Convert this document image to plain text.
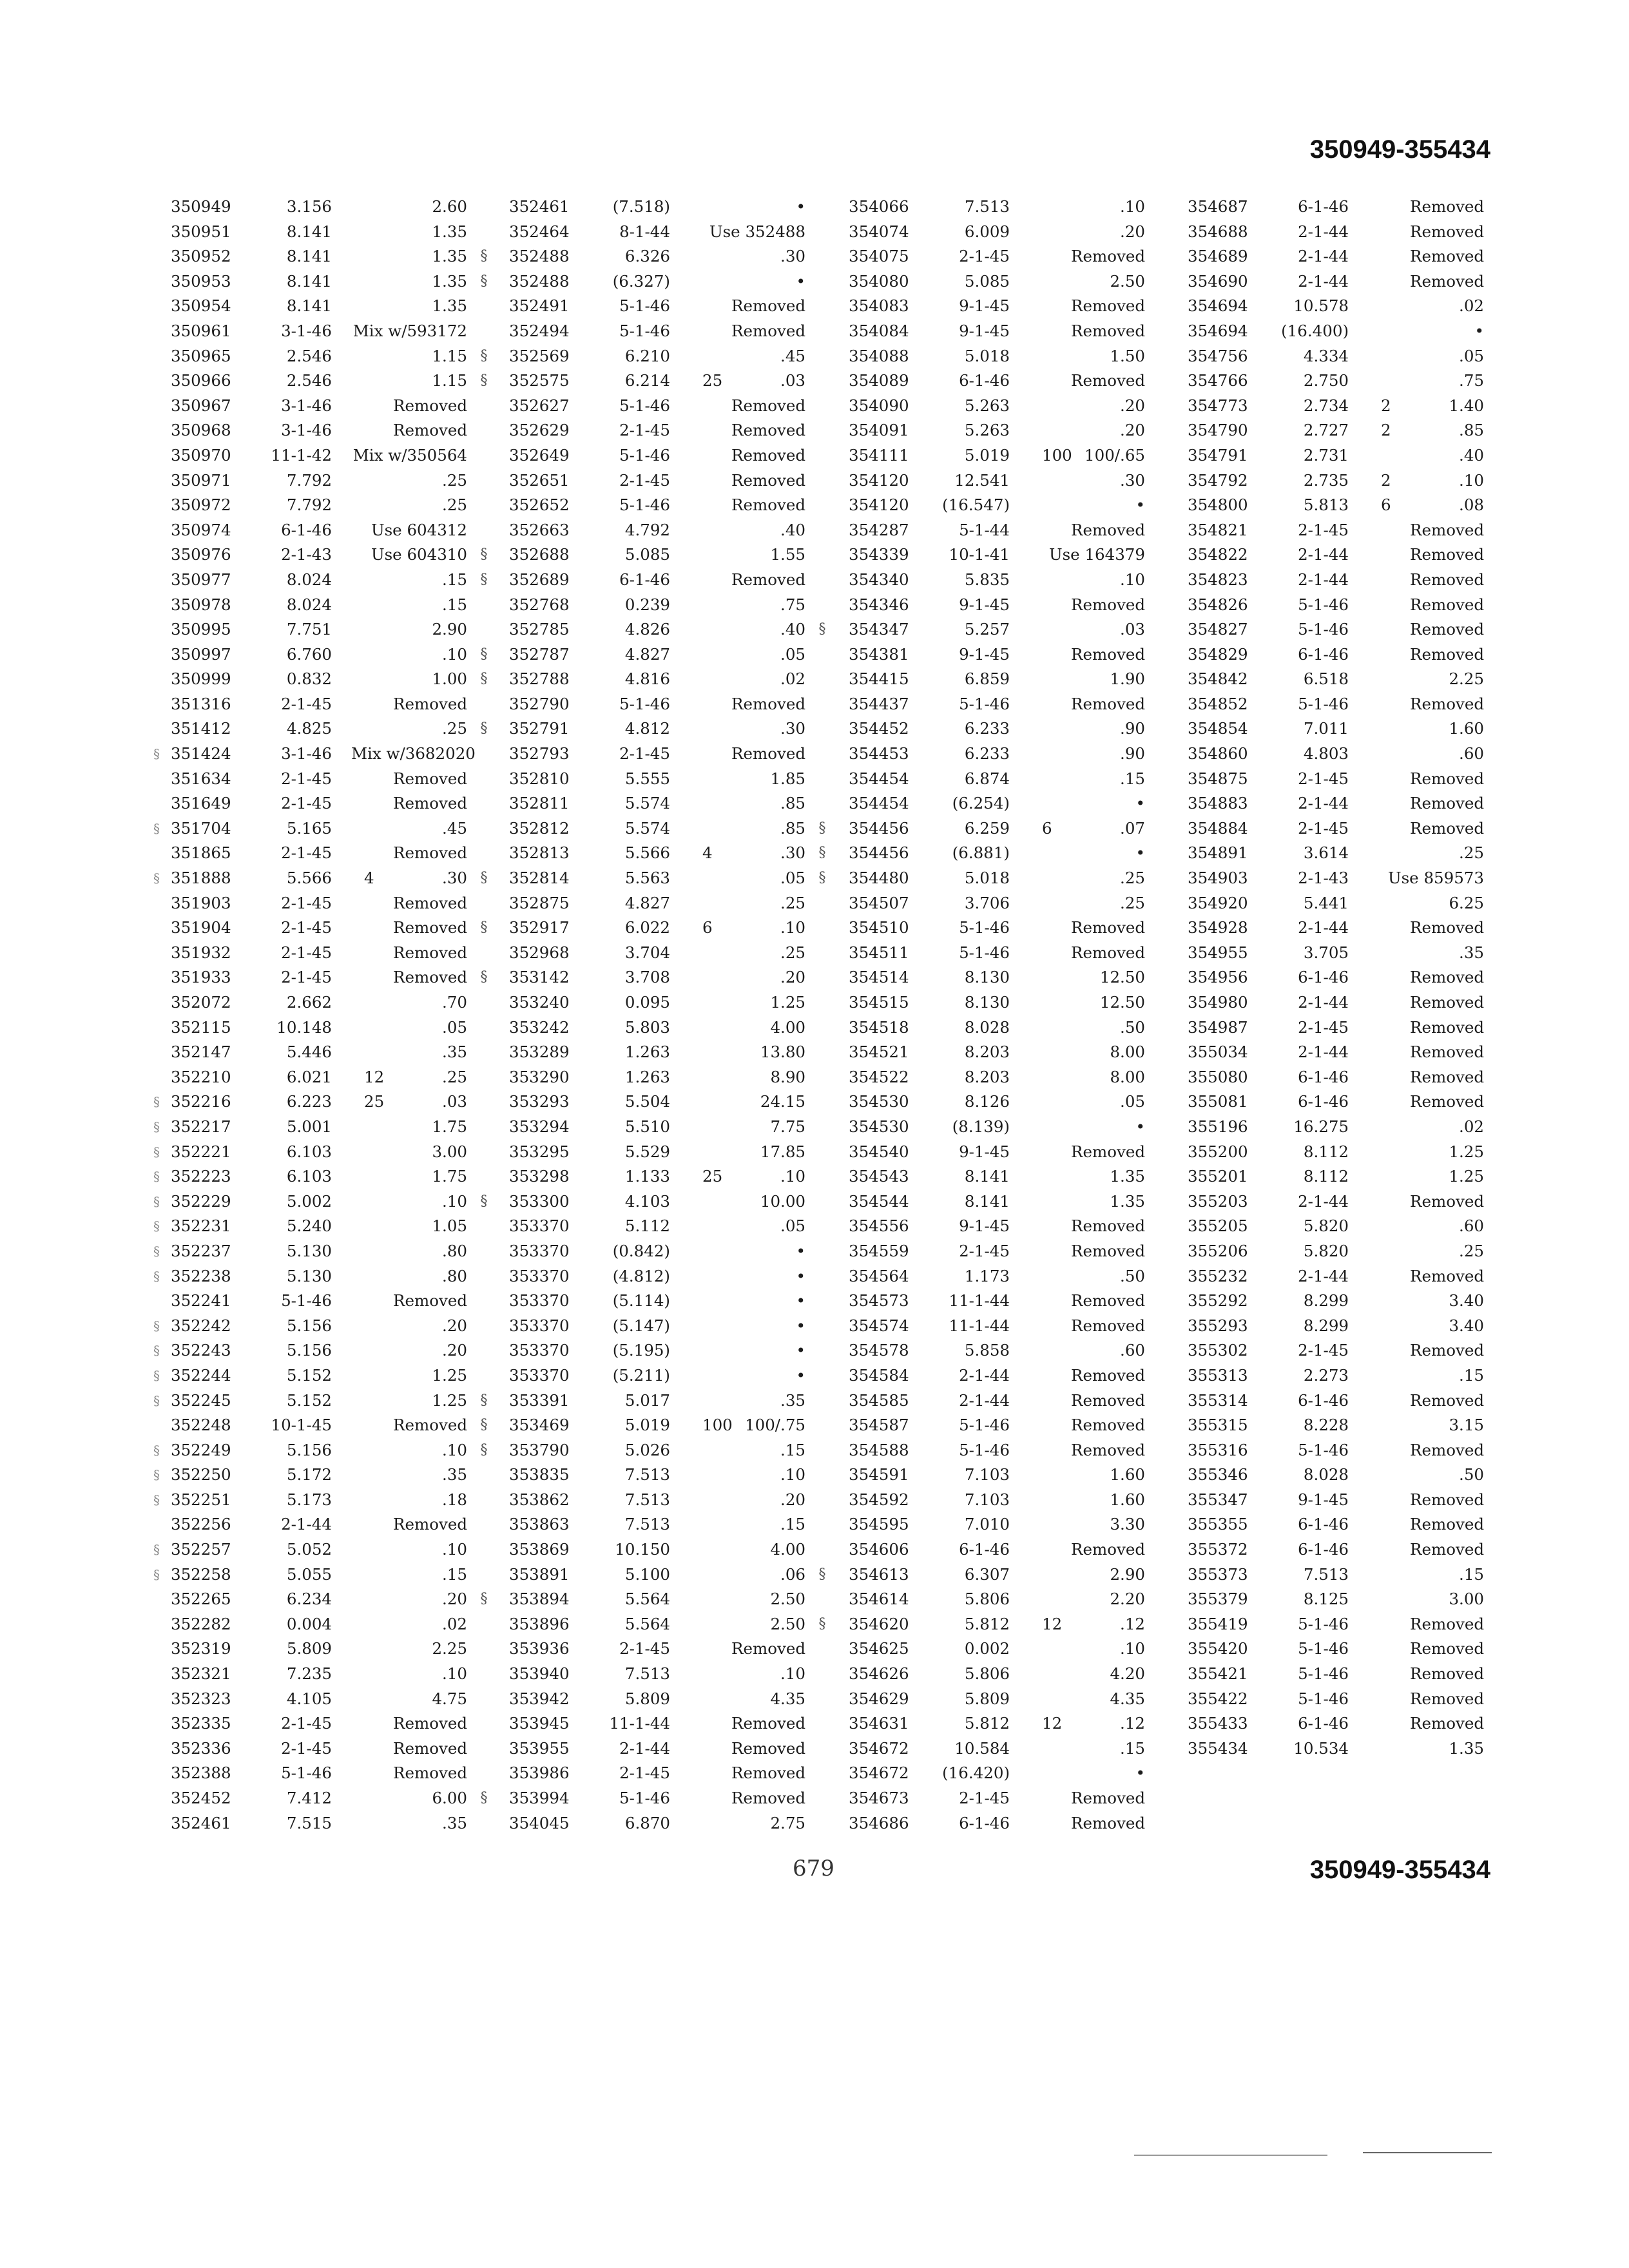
350949-355434
350949	3.156	2.60
350951	8.141	1.35
350952	8.141	1.35 §
350953	8.141	1.35 §
350954	8.141	1.35
350961	3-1-46 Mix w/593172
350965	2.546	1.15 §
350966	2.546	1.15 §
350967	3-1-46	Removed
350968	3-1-46	Removed
350970	11-1-42 Mix w/350564
350971	7.792	.25
350972	7.792	.25
350974	6-1-46	Use 604312
350976	2-1-43	Use 604310 §
350977	8.024	.15 §
350978	8.024	.15
350995	7.751	2.90
350997	6.760	.10 §
350999	0.832	1.00 §
351316	2-1-45	Removed
351412	4.825	.25 §
§ 351424	3-1-46 Mix w/3682020
351634	2-1-45	Removed
351649	2-1-45	Removed
§ 351704	5.165	.45
351865	2-1-45	Removed
§ 351888	5.566 4	.30 §
351903	2-1-45	Removed
351904	2-1-45	Removed §
351932	2-1-45	Removed
351933	2-1-45	Removed §
352072	2.662	.70
352115	10.148	.05
352147	5.446	.35
352210	6.021 12	.25
§ 352216	6.223 25	.03
§ 352217	5.001	1.75
§ 352221	6.103	3.00
§ 352223	6.103	1.75
§ 352229	5.002	.10 §
§ 352231	5.240	1.05
§ 352237	5.130	.80
§ 352238	5.130	.80
352241	5-1-46	Removed
§ 352242	5.156	.20
§ 352243	5.156	.20
§ 352244	5.152	1.25
§ 352245	5.152	1.25 §
352248	10-1-45	Removed §
§ 352249	5.156	.10 §
§ 352250	5.172	.35
§ 352251	5.173	.18
352256	2-1-44	Removed
§ 352257	5.052	.10
§ 352258	5.055	.15
352265	6.234	.20 §
352282	0.004	.02
352319	5.809	2.25
352321	7.235	.10
352323	4.105	4.75
352335	2-1-45	Removed
352336	2-1-45	Removed
352388	5-1-46	Removed
352452	7.412	6.00 §
352461	7.515	.35
352461	(7.518)	•
352464	8-1-44	Use 352488
352488	6.326	.30
352488	(6.327)	•
352491	5-1-46	Removed
352494	5-1-46	Removed
352569	6.210	.45
352575	6.214 25	.03
352627	5-1-46	Removed
352629	2-1-45	Removed
352649	5-1-46	Removed
352651	2-1-45	Removed
352652	5-1-46	Removed
352663	4.792	.40
352688	5.085	1.55
352689	6-1-46	Removed
352768	0.239	.75
352785	4.826	.40 §
352787	4.827	.05
352788	4.816	.02
352790	5-1-46	Removed
352791	4.812	.30
352793	2-1-45	Removed
352810	5.555	1.85
352811	5.574	.85
352812	5.574	.85 §
352813	5.566 4	.30 §
352814	5.563	.05 §
352875	4.827	.25
352917	6.022 6	.10
352968	3.704	.25
353142	3.708	.20
353240	0.095	1.25
353242	5.803	4.00
353289	1.263	13.80
353290	1.263	8.90
353293	5.504	24.15
353294	5.510	7.75
353295	5.529	17.85
353298	1.133 25	.10
353300	4.103	10.00
353370	5.112	.05
353370	(0.842)	•
353370	(4.812)	•
353370	(5.114)	•
353370	(5.147)	•
353370	(5.195)	•
353370	(5.211)	•
353391	5.017	.35
353469	5.019 100 100/.75
353790	5.026	.15
353835	7.513	.10
353862	7.513	.20
353863	7.513	.15
353869	10.150	4.00
353891	5.100	.06 §
353894	5.564	2.50
353896	5.564	2.50 §
353936	2-1-45	Removed
353940	7.513	.10
353942	5.809	4.35
353945	11-1-44	Removed
353955	2-1-44	Removed
353986	2-1-45	Removed
353994	5-1-46	Removed
354045	6.870	2.75
354066	7.513	.10
354074	6.009	.20
354075	2-1-45	Removed
354080	5.085	2.50
354083	9-1-45	Removed
354084	9-1-45	Removed
354088	5.018	1.50
354089	6-1-46	Removed
354090	5.263	.20
354091	5.263	.20
354111	5.019 100 100/.65
354120	12.541	.30
354120	(16.547)	•
354287	5-1-44	Removed
354339	10-1-41	Use 164379
354340	5.835	.10
354346	9-1-45	Removed
354347	5.257	.03
354381	9-1-45	Removed
354415	6.859	1.90
354437	5-1-46	Removed
354452	6.233	.90
354453	6.233	.90
354454	6.874	.15
354454	(6.254)	•
354456	6.259 6	.07
354456	(6.881)	•
354480	5.018	.25
354507	3.706	.25
354510	5-1-46	Removed
354511	5-1-46	Removed
354514	8.130	12.50
354515	8.130	12.50
354518	8.028	.50
354521	8.203	8.00
354522	8.203	8.00
354530	8.126	.05
354530	(8.139)	•
354540	9-1-45	Removed
354543	8.141	1.35
354544	8.141	1.35
354556	9-1-45	Removed
354559	2-1-45	Removed
354564	1.173	.50
354573	11-1-44	Removed
354574	11-1-44	Removed
354578	5.858	.60
354584	2-1-44	Removed
354585	2-1-44	Removed
354587	5-1-46	Removed
354588	5-1-46	Removed
354591	7.103	1.60
354592	7.103	1.60
354595	7.010	3.30
354606	6-1-46	Removed
354613	6.307	2.90
354614	5.806	2.20
354620	5.812 12	.12
354625	0.002	.10
354626	5.806	4.20
354629	5.809	4.35
354631	5.812 12	.12
354672	10.584	.15
354672	(16.420)	•
354673	2-1-45	Removed
354686	6-1-46	Removed
354687	6-1-46	Removed
354688	2-1-44	Removed
354689	2-1-44	Removed
354690	2-1-44	Removed
354694	10.578	.02
354694	(16.400)	•
354756	4.334	.05
354766	2.750	.75
354773	2.734 2	1.40
354790	2.727 2	.85
354791	2.731	.40
354792	2.735 2	.10
354800	5.813 6	.08
354821	2-1-45	Removed
354822	2-1-44	Removed
354823	2-1-44	Removed
354826	5-1-46	Removed
354827	5-1-46	Removed
354829	6-1-46	Removed
354842	6.518	2.25
354852	5-1-46	Removed
354854	7.011	1.60
354860	4.803	.60
354875	2-1-45	Removed
354883	2-1-44	Removed
354884	2-1-45	Removed
354891	3.614	.25
354903	2-1-43	Use 859573
354920	5.441	6.25
354928	2-1-44	Removed
354955	3.705	.35
354956	6-1-46	Removed
354980	2-1-44	Removed
354987	2-1-45	Removed
355034	2-1-44	Removed
355080	6-1-46	Removed
355081	6-1-46	Removed
355196	16.275	.02
355200	8.112	1.25
355201	8.112	1.25
355203	2-1-44	Removed
355205	5.820	.60
355206	5.820	.25
355232	2-1-44	Removed
355292	8.299	3.40
355293	8.299	3.40
355302	2-1-45	Removed
355313	2.273	.15
355314	6-1-46	Removed
355315	8.228	3.15
355316	5-1-46	Removed
355346	8.028	.50
355347	9-1-45	Removed
355355	6-1-46	Removed
355372	6-1-46	Removed
355373	7.513	.15
355379	8.125	3.00
355419	5-1-46	Removed
355420	5-1-46	Removed
355421	5-1-46	Removed
355422	5-1-46	Removed
355433	6-1-46	Removed
355434	10.534	1.35
679	350949-355434
